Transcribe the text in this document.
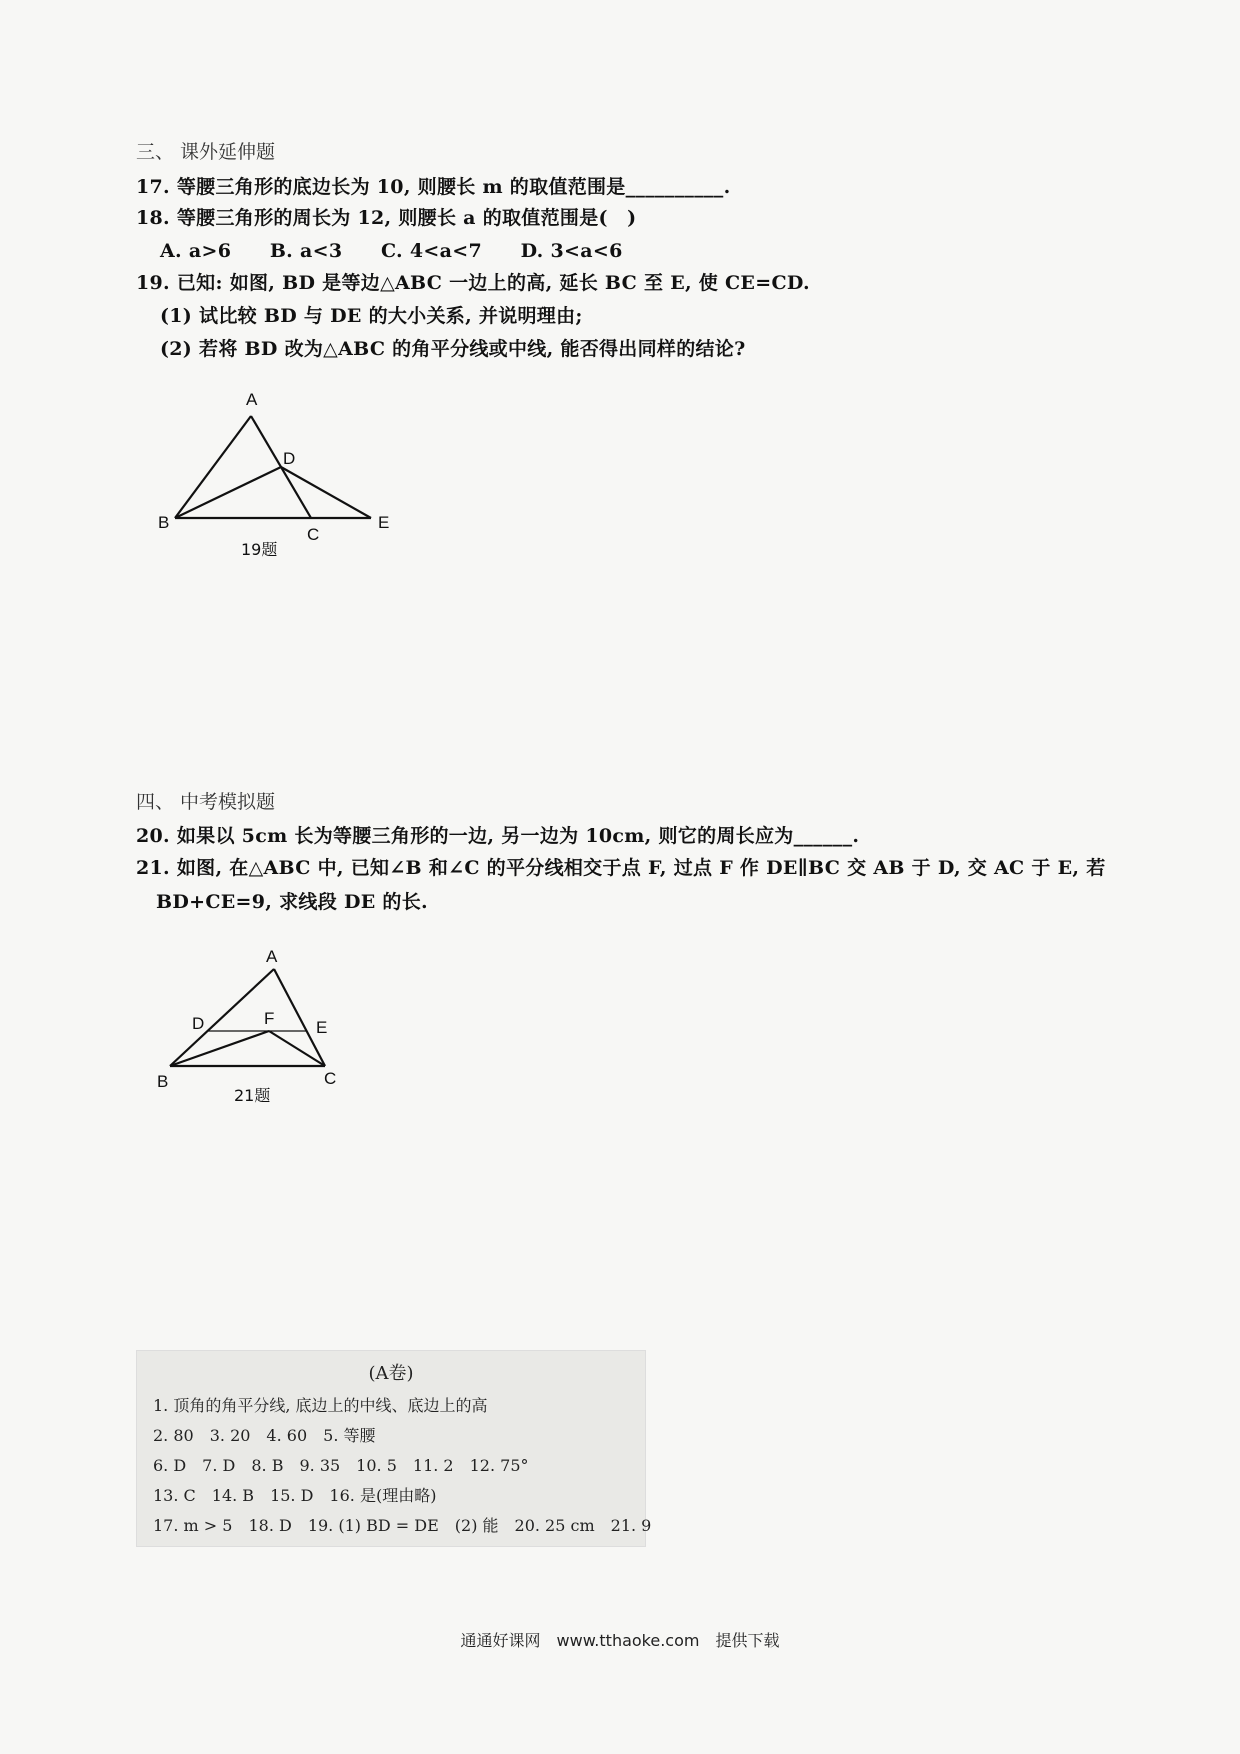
三、 课外延伸题
17. 等腰三角形的底边长为 10, 则腰长 m 的取值范围是__________.
18. 等腰三角形的周长为 12, 则腰长 a 的取值范围是(　)
A. a>6　　B. a<3　　C. 4<a<7　　D. 3<a<6
19. 已知: 如图, BD 是等边△ABC 一边上的高, 延长 BC 至 E, 使 CE=CD.
(1) 试比较 BD 与 DE 的大小关系, 并说明理由;
(2) 若将 BD 改为△ABC 的角平分线或中线, 能否得出同样的结论?
A
D
B
C
E
19题
四、 中考模拟题
20. 如果以 5cm 长为等腰三角形的一边, 另一边为 10cm, 则它的周长应为______.
21. 如图, 在△ABC 中, 已知∠B 和∠C 的平分线相交于点 F, 过点 F 作 DE∥BC 交 AB 于 D, 交 AC 于 E, 若
BD+CE=9, 求线段 DE 的长.
A
D	F E
B	C
21题
(A卷)
1. 顶角的角平分线, 底边上的中线、底边上的高
2. 80　3. 20　4. 60　5. 等腰
6. D　7. D　8. B　9. 35　10. 5　11. 2　12. 75°
13. C　14. B　15. D　16. 是(理由略)
17. m > 5　18. D　19. (1) BD = DE　(2) 能　20. 25 cm　21. 9
通通好课网　www.tthaoke.com　提供下载
